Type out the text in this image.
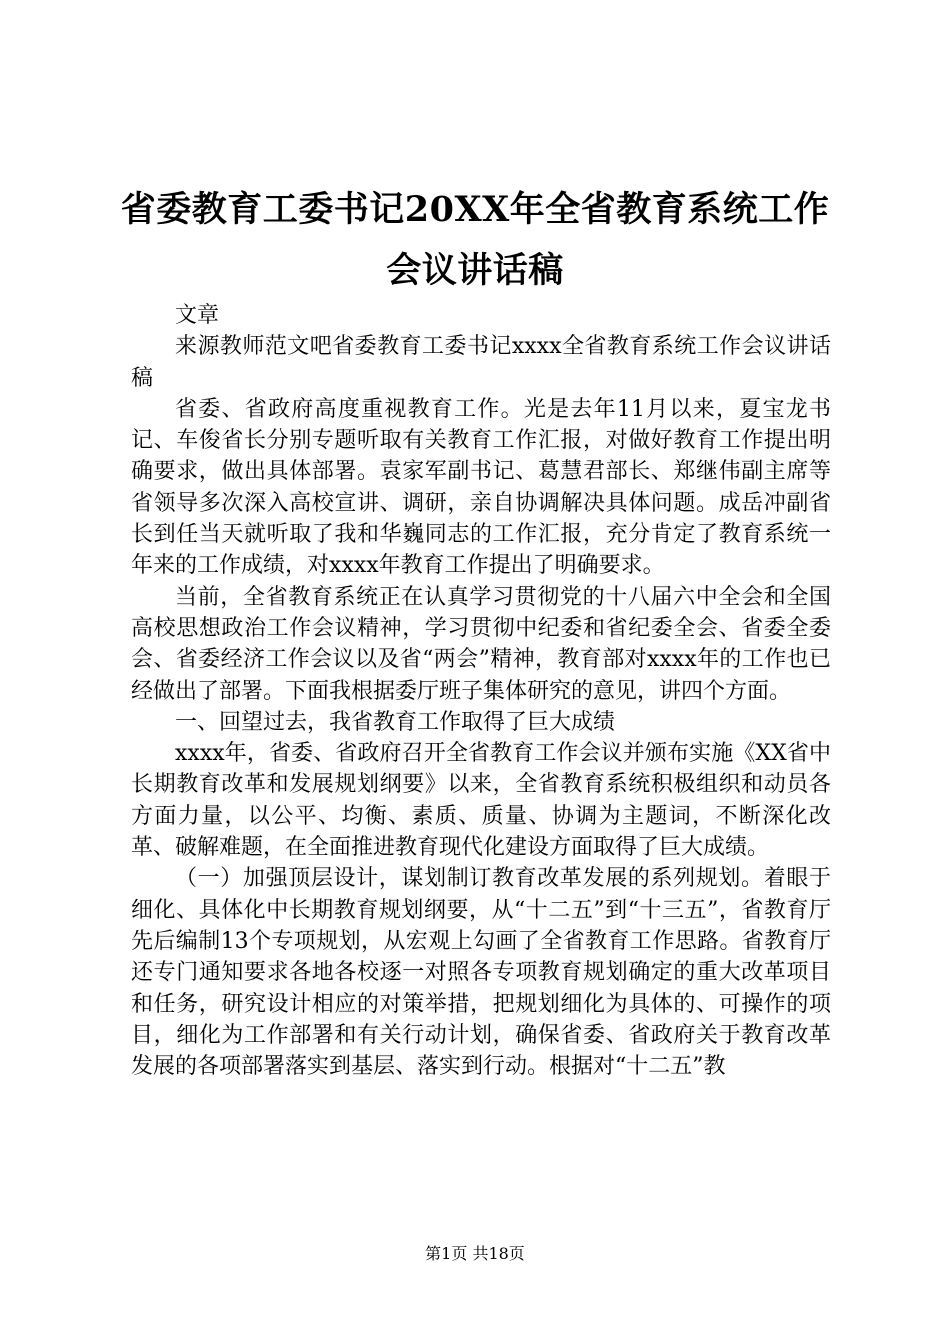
省委教育工委书记20XX年全省教育系统工作
会议讲话稿

文章

来源教师范文吧省委教育工委书记xxxx全省教育系统工作会议讲话稿

省委、省政府高度重视教育工作。光是去年11月以来，夏宝龙书记、车俊省长分别专题听取有关教育工作汇报，对做好教育工作提出明确要求，做出具体部署。袁家军副书记、葛慧君部长、郑继伟副主席等省领导多次深入高校宣讲、调研，亲自协调解决具体问题。成岳冲副省长到任当天就听取了我和华巍同志的工作汇报，充分肯定了教育系统一年来的工作成绩，对xxxx年教育工作提出了明确要求。

当前，全省教育系统正在认真学习贯彻党的十八届六中全会和全国高校思想政治工作会议精神，学习贯彻中纪委和省纪委全会、省委全委会、省委经济工作会议以及省“两会”精神，教育部对xxxx年的工作也已经做出了部署。下面我根据委厅班子集体研究的意见，讲四个方面。

一、回望过去，我省教育工作取得了巨大成绩

xxxx年，省委、省政府召开全省教育工作会议并颁布实施《XX省中长期教育改革和发展规划纲要》以来，全省教育系统积极组织和动员各方面力量，以公平、均衡、素质、质量、协调为主题词，不断深化改革、破解难题，在全面推进教育现代化建设方面取得了巨大成绩。

（一）加强顶层设计，谋划制订教育改革发展的系列规划。着眼于细化、具体化中长期教育规划纲要，从“十二五”到“十三五”，省教育厅先后编制13个专项规划，从宏观上勾画了全省教育工作思路。省教育厅还专门通知要求各地各校逐一对照各专项教育规划确定的重大改革项目和任务，研究设计相应的对策举措，把规划细化为具体的、可操作的项目，细化为工作部署和有关行动计划，确保省委、省政府关于教育改革发展的各项部署落实到基层、落实到行动。根据对“十二五”教

第1页 共18页
